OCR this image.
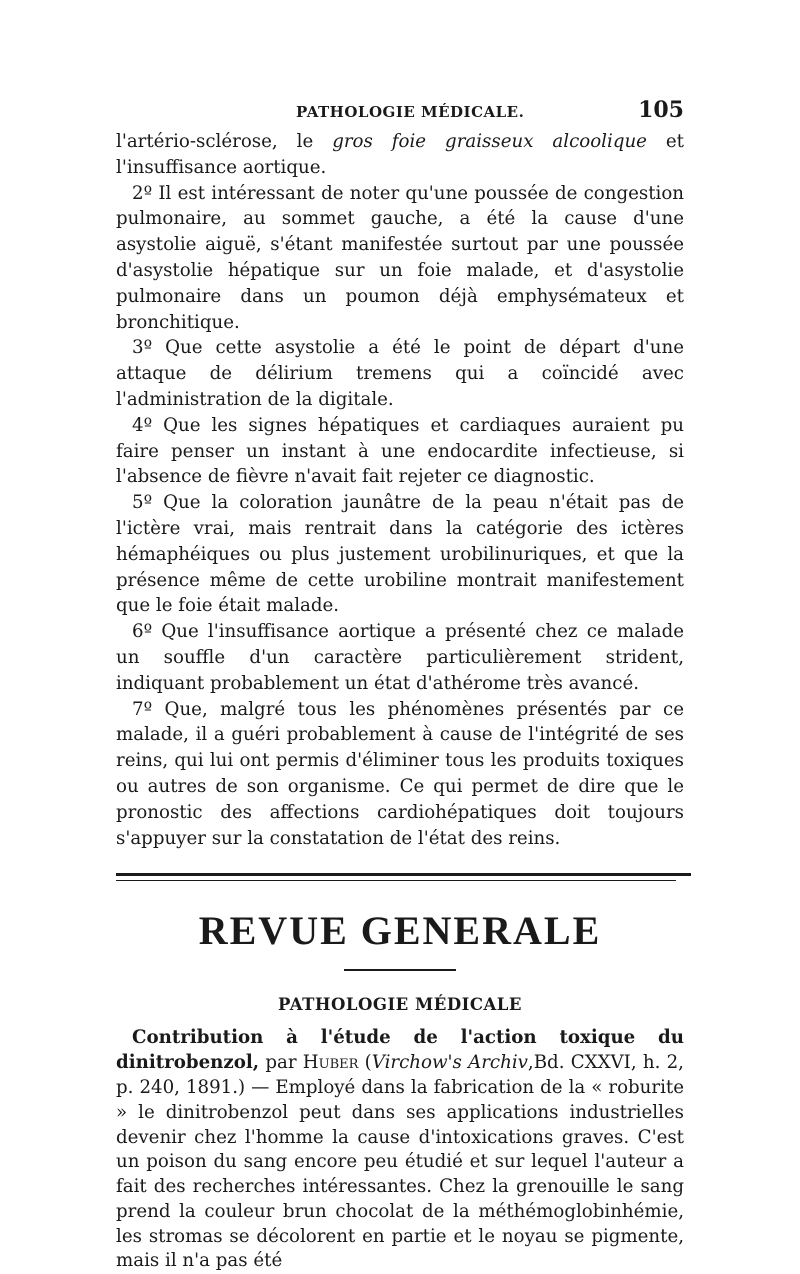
PATHOLOGIE MÉDICALE.	105

l'artério-sclérose, le gros foie graisseux alcoolique et l'insuffisance aortique.

2º Il est intéressant de noter qu'une poussée de congestion pulmonaire, au sommet gauche, a été la cause d'une asystolie aiguë, s'étant manifestée surtout par une poussée d'asystolie hépatique sur un foie malade, et d'asystolie pulmonaire dans un poumon déjà emphysémateux et bronchitique.

3º Que cette asystolie a été le point de départ d'une attaque de délirium tremens qui a coïncidé avec l'administration de la digitale.

4º Que les signes hépatiques et cardiaques auraient pu faire penser un instant à une endocardite infectieuse, si l'absence de fièvre n'avait fait rejeter ce diagnostic.

5º Que la coloration jaunâtre de la peau n'était pas de l'ictère vrai, mais rentrait dans la catégorie des ictères hémaphéiques ou plus justement urobilinuriques, et que la présence même de cette urobiline montrait manifestement que le foie était malade.

6º Que l'insuffisance aortique a présenté chez ce malade un souffle d'un caractère particulièrement strident, indiquant probablement un état d'athérome très avancé.

7º Que, malgré tous les phénomènes présentés par ce malade, il a guéri probablement à cause de l'intégrité de ses reins, qui lui ont permis d'éliminer tous les produits toxiques ou autres de son organisme. Ce qui permet de dire que le pronostic des affections cardiohépatiques doit toujours s'appuyer sur la constatation de l'état des reins.

REVUE GENERALE
PATHOLOGIE MÉDICALE

Contribution à l'étude de l'action toxique du dinitrobenzol, par Huber (Virchow's Archiv,Bd. CXXVI, h. 2, p. 240, 1891.) — Employé dans la fabrication de la « roburite » le dinitrobenzol peut dans ses applications industrielles devenir chez l'homme la cause d'intoxications graves. C'est un poison du sang encore peu étudié et sur lequel l'auteur a fait des recherches intéressantes. Chez la grenouille le sang prend la couleur brun chocolat de la méthémoglobinhémie, les stromas se décolorent en partie et le noyau se pigmente, mais il n'a pas été
